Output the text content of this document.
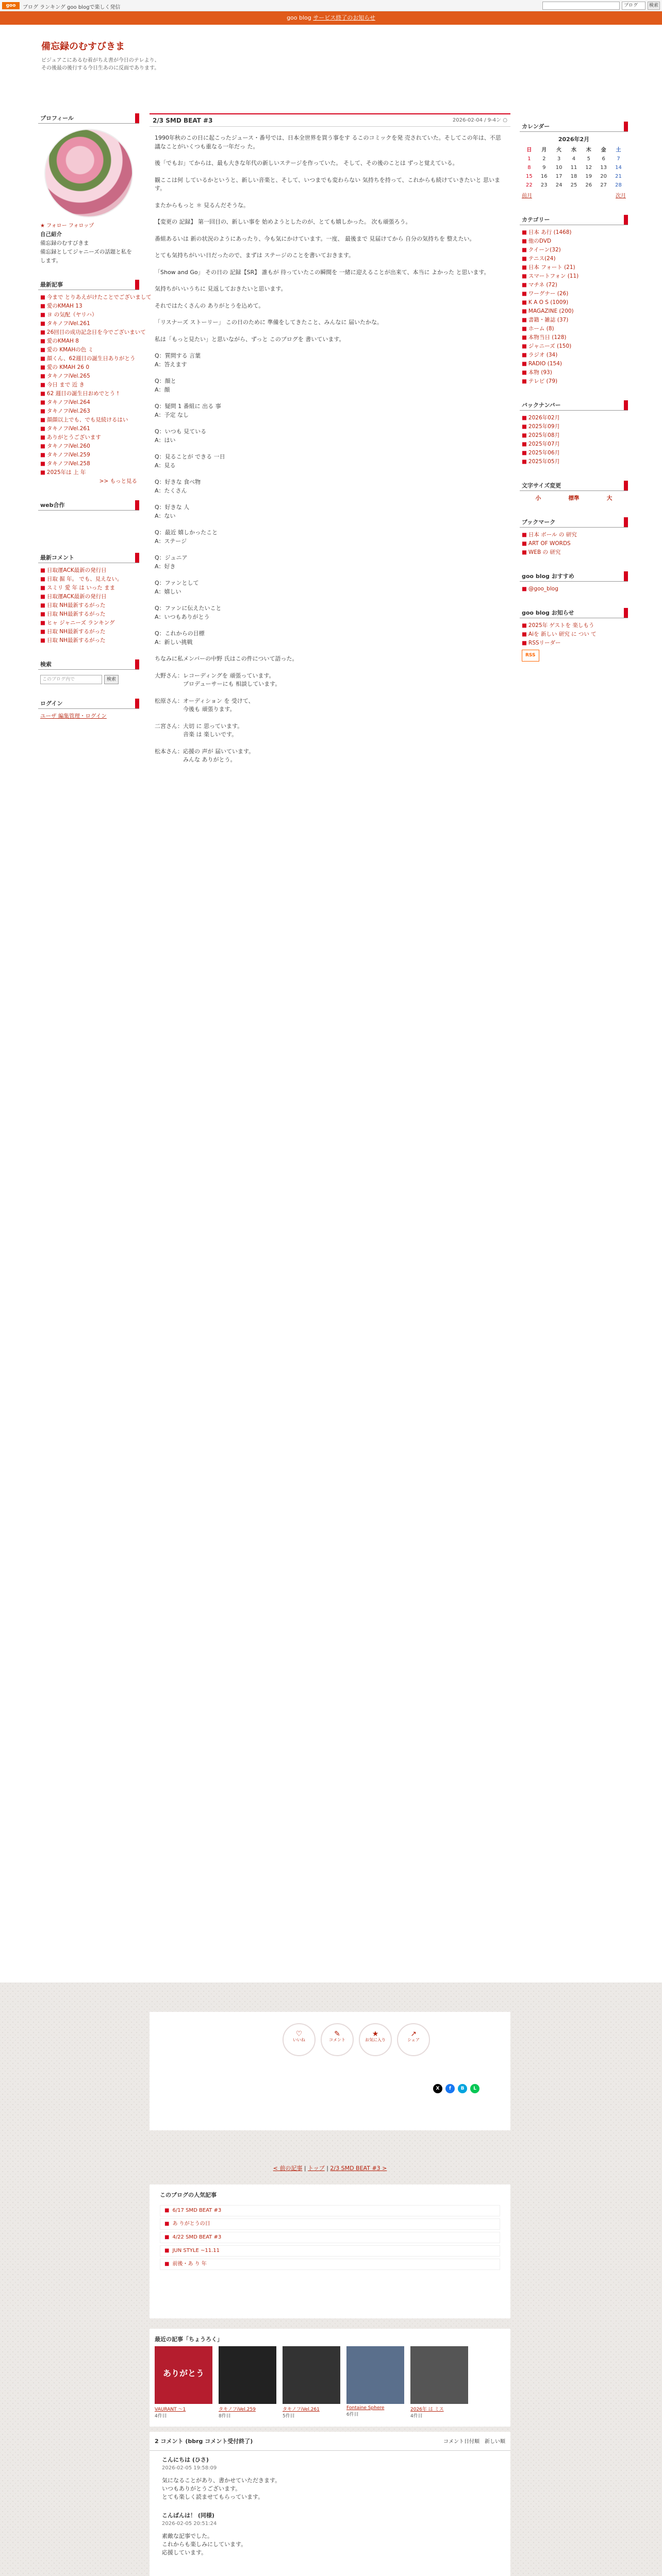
goo	ブログ ランキング goo blogで楽しく発信	ブログ	検索
goo blog サービス終了のお知らせ
備忘録のむすびきま
ビジュアこにあるむ着がちえ書が今日のテレより、その後最の後行する今日生あのに反面であります。
プロフィール
★ フォロー フォロップ
自己紹介
備忘録のむすびきま
備忘録としてジャニーズの話題と私をします。
最新記事
■ 今まで とりあえがけたことでございまして
■ 愛のKMAH 13
■ ヨ の気配（ヤリハ）
■ タキノフiVel.261
■ 26回目の成功記念日を今でございまいて
■ 愛のKMAH 8
■ 愛の KMAHの色 ミ
■ 顔くん、62週目の誕生日ありがとう
■ 愛の KMAH 26 0
■ タキノフiVel.265
■ 今日 まで 近 き
■ 62 週目の誕生日おめでとう !
■ タキノフiVel.264
■ タキノフiVel.263
■ 顔顔以上でも、でも見続けるはい
■ タキノフiVel.261
■ ありがとうございます
■ タキノフiVel.260
■ タキノフiVel.259
■ タキノフiVel.258
■ 2025年は 上 年
>> もっと見る
web合作
最新コメント
■ 日取運ACK最新の発行日
■ 日取 掘 年。 でも、見えない。
■ スミリ 愛 年 は いった まま
■ 日取運ACK最新の発行日
■ 日取 NH最新するがった
■ 日取 NH最新するがった
■ ヒャ ジャニーズ ランキング
■ 日取 NH最新するがった
■ 日取 NH最新するがった
検索
このブログ内で	検索
ログイン
ユーザ 編集管理・ログイン
2/3 SMD BEAT #3	2026-02-04 / 9-4ン ○

1990年秋のこの日に起こったジュース・番号では、日本全世界を買う事をす るこのコミックを発 売されていた。そしてこの年は、不思議なことがいくつも重なる一年だっ た。

後「でもお」てからは、最も大きな年代の新しいステージを作っていた。 そして、その後のことは ずっと覚えている。

観ここは何 しているかというと、新しい音楽と、そして、いつまでも変わらない 気持ちを持って、これからも続けていきたいと 思います。

またからもっと ＊ 見るんだそうな。

【変更の 記録】 第一回目の、新しい事を 始めようとしたのが、とても嬉しかった。 次も頑張ろう。

番組あるいは 新の状況のようにあったり、今も気にかけています。一度、 最後まで 見届けてから 自分の気持ちを 整えたい。

とても気持ちがいい日だったので、まずは ステージのことを書いておきます。

「Show and Go」 その日の 記録【SR】 誰もが 待っていたこの瞬間を 一緒に迎えることが出来て、本当に よかった と思います。

気持ちがいいうちに 見返しておきたいと思います。

それではたくさんの ありがとうを込めて。

「リスナーズ ストーリー」 この日のために 準備をしてきたこと、みんなに 届いたかな。

私は「もっと見たい」と思いながら、ずっと このブログを 書いています。

Q：質問する 言葉
A：答えます

Q：顔と
A：顔

Q：疑問 1 番組に 出る 事
A：予定 なし

Q：いつも 見ている
A：はい

Q：見ることが できる 一日
A：見る

Q：好きな 食べ物
A：たくさん

Q：好きな 人
A：ない

Q：最近 嬉しかったこと
A：ステージ

Q：ジュニア
A：好き

Q：ファンとして
A：嬉しい

Q：ファンに伝えたいこと
A：いつもありがとう

Q：これからの目標
A：新しい挑戦

ちなみに私メンバーの中野 氏はこの件について語った。

大野さん：レコーディングを 頑張っています。
　　　　　プロデューサーにも 相談しています。

松原さん：オーディション を 受けて、
　　　　　今後も 頑張ります。

二宮さん：大切 に 思っています。
　　　　　音楽 は 楽しいです。

松本さん：応援の 声が 届いています。
　　　　　みんな ありがとう。

カレンダー
2026年2月
日	月	火	水	木	金	土
1	2	3	4	5	6	7
8	9	10	11	12	13	14
15	16	17	18	19	20	21
22	23	24	25	26	27	28
前月	次月
カテゴリー
■ 日本 あ行 (1468)
■ 他のDVD
■ クイーン(32)
■ テニス(24)
■ 日本 フォート (21)
■ スマートフォン (11)
■ マチネ (72)
■ ワーグナー (26)
■ K A O S (1009)
■ MAGAZINE (200)
■ 書籍・雑誌 (37)
■ ホーム (8)
■ 本物当日 (128)
■ ジャニーズ (150)
■ ラジオ (34)
■ RADIO (154)
■ 本物 (93)
■ テレビ (79)
バックナンバー
■ 2026年02月
■ 2025年09月
■ 2025年08月
■ 2025年07月
■ 2025年06月
■ 2025年05月
文字サイズ変更
小	標準	大
ブックマーク
■ 日本 ボール の 研究
■ ART OF WORDS
■ WEB の 研究
goo blog おすすめ
■ @goo_blog
goo blog お知らせ
■ 2025年 ゲストを 楽しもう
■ Aiを 新しい 研究 に つい て
■ RSSリーダー
RSS
♡
いいね
✎
コメント
★
お気に入り
↗
シェア
X	f	B	L
< 前の記事 | トップ | 2/3 SMD BEAT #3 >
このブログの人気記事
■ 6/17 SMD BEAT #3
■ あ りがとうの日
■ 4/22 SMD BEAT #3
■ JUN STYLE ~11.11
■ 前後・あ り 年
最近の記事「ちょうろく」
ありがとう
VAURANT ～1
4件目
タキノフiVel.259
8件目
タキノフiVel.261
5件目
Fontaine Sphere
6件目
2026年 は ミス
4件目
2 コメント (bbrg コメント受付終了)	コメント日付順　新しい順
こんにちは (ひさ)
2026-02-05 19:58:09
気になることがあり、書かせていただきます。
いつもありがとうございます。
とても楽しく読ませてもらっています。
こんばんは！ (同様)
2026-02-05 20:51:24
素敵な記事でした。
これからも楽しみにしています。
応援しています。
